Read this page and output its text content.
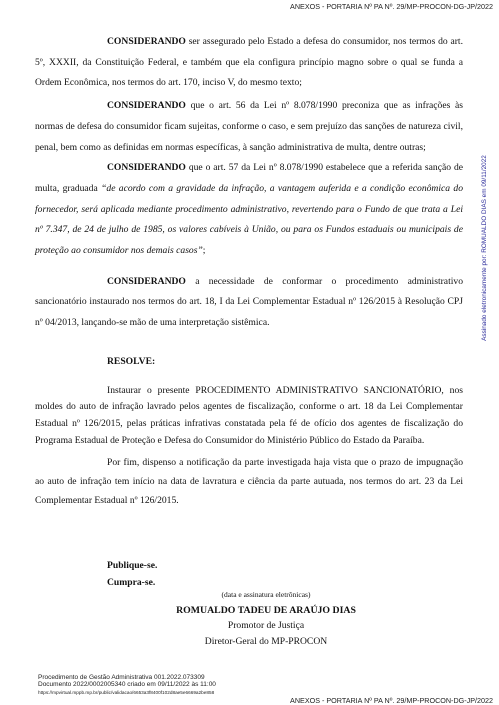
ANEXOS - PORTARIA Nº PA Nº. 29/MP-PROCON-DG-JP/2022
Assinado eletronicamente por: ROMUALDO DIAS em 09/11/2022

CONSIDERANDO ser assegurado pelo Estado a defesa do consumidor, nos termos do art. 5º, XXXII, da Constituição Federal, e também que ela configura princípio magno sobre o qual se funda a Ordem Econômica, nos termos do art. 170, inciso V, do mesmo texto;

CONSIDERANDO que o art. 56 da Lei nº 8.078/1990 preconiza que as infrações às normas de defesa do consumidor ficam sujeitas, conforme o caso, e sem prejuízo das sanções de natureza civil, penal, bem como as definidas em normas específicas, à sanção administrativa de multa, dentre outras;

CONSIDERANDO que o art. 57 da Lei nº 8.078/1990 estabelece que a referida sanção de multa, graduada “de acordo com a gravidade da infração, a vantagem auferida e a condição econômica do fornecedor, será aplicada mediante procedimento administrativo, revertendo para o Fundo de que trata a Lei nº 7.347, de 24 de julho de 1985, os valores cabíveis à União, ou para os Fundos estaduais ou municipais de proteção ao consumidor nos demais casos”;

CONSIDERANDO a necessidade de conformar o procedimento administrativo sancionatório instaurado nos termos do art. 18, I da Lei Complementar Estadual nº 126/2015 à Resolução CPJ nº 04/2013, lançando-se mão de uma interpretação sistêmica.

RESOLVE:

Instaurar o presente PROCEDIMENTO ADMINISTRATIVO SANCIONATÓRIO, nos moldes do auto de infração lavrado pelos agentes de fiscalização, conforme o art. 18 da Lei Complementar Estadual nº 126/2015, pelas práticas infrativas constatada pela fé de ofício dos agentes de fiscalização do Programa Estadual de Proteção e Defesa do Consumidor do Ministério Público do Estado da Paraíba.

Por fim, dispenso a notificação da parte investigada haja vista que o prazo de impugnação ao auto de infração tem início na data de lavratura e ciência da parte autuada, nos termos do art. 23 da Lei Complementar Estadual nº 126/2015.

Publique-se.
Cumpra-se.
(data e assinatura eletrônicas)
ROMUALDO TADEU DE ARAÚJO DIAS
Promotor de Justiça
Diretor-Geral do MP-PROCON
Procedimento de Gestão Administrativa 001.2022.073309
Documento 2022/0002005340 criado em 09/11/2022 às 11:00
https://mpvirtual.mppb.mp.br/public/validacao/6653a3f8400f102d8ae5e6669a2be858
ANEXOS - PORTARIA Nº PA Nº. 29/MP-PROCON-DG-JP/2022
